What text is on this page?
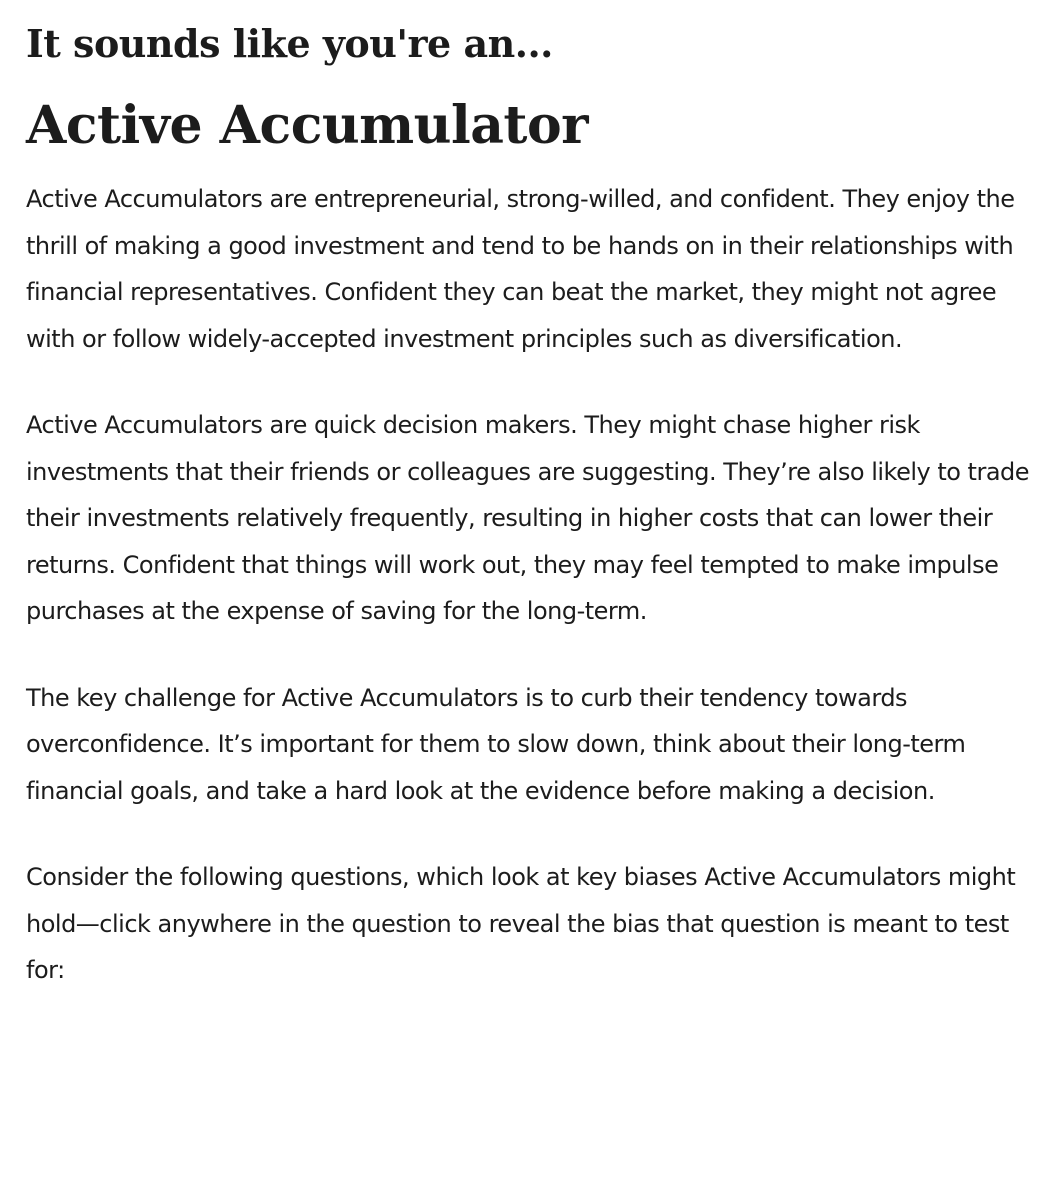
It sounds like you're an...
Active Accumulator

Active Accumulators are entrepreneurial, strong-willed, and confident. They enjoy the thrill of making a good investment and tend to be hands on in their relationships with financial representatives. Confident they can beat the market, they might not agree with or follow widely-accepted investment principles such as diversification.

Active Accumulators are quick decision makers. They might chase higher risk investments that their friends or colleagues are suggesting. They’re also likely to trade their investments relatively frequently, resulting in higher costs that can lower their returns. Confident that things will work out, they may feel tempted to make impulse purchases at the expense of saving for the long-term.

The key challenge for Active Accumulators is to curb their tendency towards overconfidence. It’s important for them to slow down, think about their long-term financial goals, and take a hard look at the evidence before making a decision.

Consider the following questions, which look at key biases Active Accumulators might hold—click anywhere in the question to reveal the bias that question is meant to test for:
